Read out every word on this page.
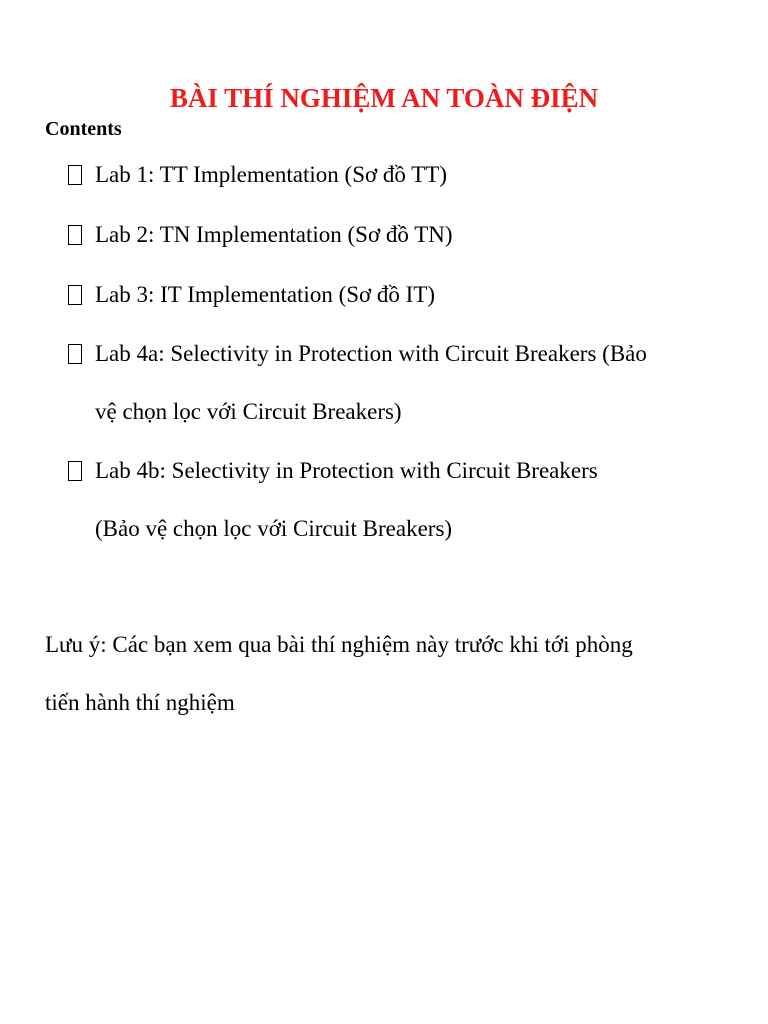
BÀI THÍ NGHIỆM AN TOÀN ĐIỆN

Contents

Lab 1: TT Implementation (Sơ đồ TT)
Lab 2: TN Implementation (Sơ đồ TN)
Lab 3: IT Implementation (Sơ đồ IT)
Lab 4a: Selectivity in Protection with Circuit Breakers (Bảo
vệ chọn lọc với Circuit Breakers)
Lab 4b: Selectivity in Protection with Circuit Breakers
(Bảo vệ chọn lọc với Circuit Breakers)
Lưu ý: Các bạn xem qua bài thí nghiệm này trước khi tới phòng
tiến hành thí nghiệm
